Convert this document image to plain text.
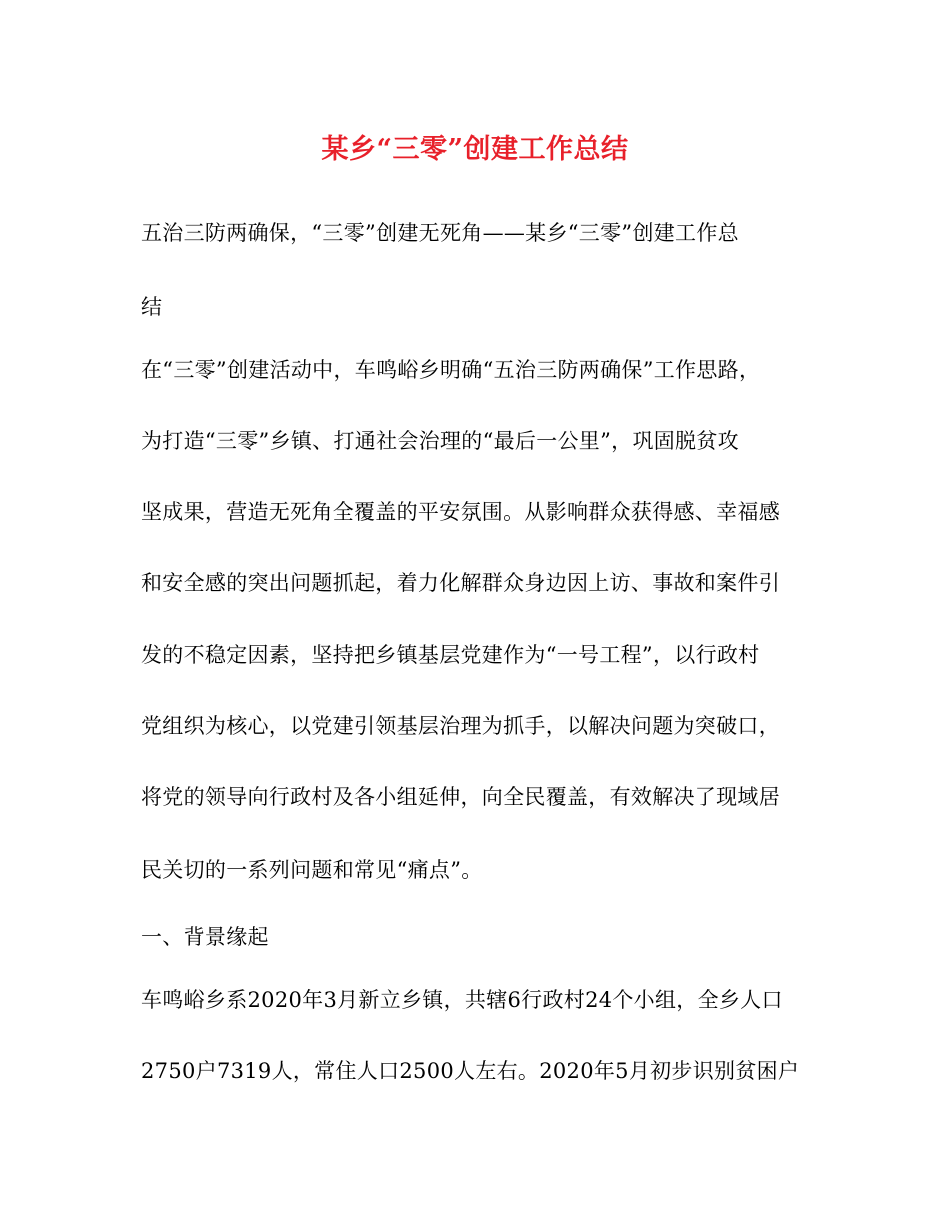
某乡“三零”创建工作总结
五治三防两确保，“三零”创建无死角——某乡“三零”创建工作总
结
在“三零”创建活动中，车鸣峪乡明确“五治三防两确保”工作思路，
为打造“三零”乡镇、打通社会治理的“最后一公里”，巩固脱贫攻
坚成果，营造无死角全覆盖的平安氛围。从影响群众获得感、幸福感
和安全感的突出问题抓起，着力化解群众身边因上访、事故和案件引
发的不稳定因素，坚持把乡镇基层党建作为“一号工程”，以行政村
党组织为核心，以党建引领基层治理为抓手，以解决问题为突破口，
将党的领导向行政村及各小组延伸，向全民覆盖，有效解决了现域居
民关切的一系列问题和常见“痛点”。
一、背景缘起
车鸣峪乡系2020年3月新立乡镇，共辖6行政村24个小组，全乡人口
2750户7319人，常住人口2500人左右。2020年5月初步识别贫困户
